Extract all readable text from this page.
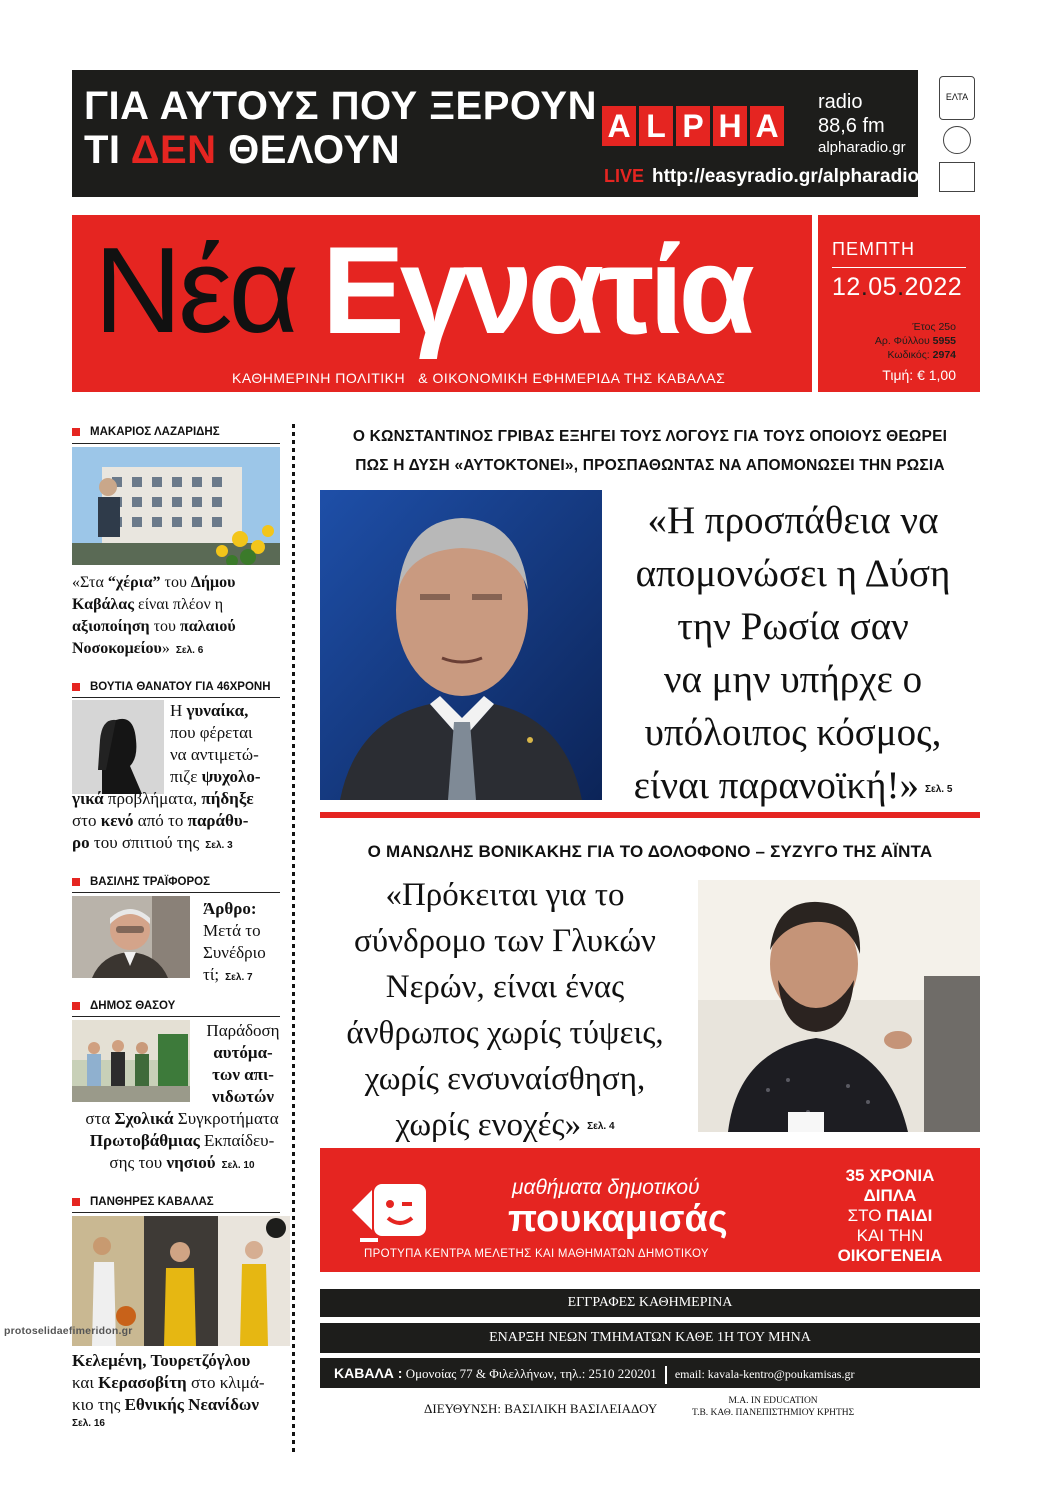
ΓΙΑ ΑΥΤΟΥΣ ΠΟΥ ΞΕΡΟΥΝ
ΤΙ ΔΕΝ ΘΕΛΟΥΝ
A L P H A
radio
88,6 fm
alpharadio.gr
LIVE http://easyradio.gr/alpharadio
ΕΛΤΑ
Νέα Εγνατία
ΚΑΘΗΜΕΡΙΝΗ ΠΟΛΙΤΙΚΗ   & ΟΙΚΟΝΟΜΙΚΗ ΕΦΗΜΕΡΙΔΑ ΤΗΣ ΚΑΒΑΛΑΣ
ΠΕΜΠΤΗ
12.05.2022
Έτος 25ο
Αρ. Φύλλου 5955
Κωδικός: 2974
Τιμή: € 1,00
ΜΑΚΑΡΙΟΣ ΛΑΖΑΡΙΔΗΣ
«Στα “χέρια” του Δήμου
Καβάλας είναι πλέον η
αξιοποίηση του παλαιού
Νοσοκομείου» Σελ. 6
ΒΟΥΤΙΑ ΘΑΝΑΤΟΥ ΓΙΑ 46ΧΡΟΝΗ
Η γυναίκα,
που φέρεται
να αντιμετώ-
πιζε ψυχολο-
γικά προβλήματα, πήδηξε
στο κενό από το παράθυ-
ρο του σπιτιού της Σελ. 3
ΒΑΣΙΛΗΣ ΤΡΑΪΦΟΡΟΣ
Άρθρο:
Μετά το
Συνέδριο
τί; Σελ. 7
ΔΗΜΟΣ ΘΑΣΟΥ
Παράδοση
αυτόμα-
των απι-
νιδωτών
στα Σχολικά Συγκροτήματα
Πρωτοβάθμιας Εκπαίδευ-
σης του νησιού Σελ. 10
ΠΑΝΘΗΡΕΣ ΚΑΒΑΛΑΣ
Κελεμένη, Τουρετζόγλου
και Κερασοβίτη στο κλιμά-
κιο της Εθνικής Νεανίδων
Σελ. 16
Ο ΚΩΝΣΤΑΝΤΙΝΟΣ ΓΡΙΒΑΣ ΕΞΗΓΕΙ ΤΟΥΣ ΛΟΓΟΥΣ ΓΙΑ ΤΟΥΣ ΟΠΟΙΟΥΣ ΘΕΩΡΕΙ
ΠΩΣ Η ΔΥΣΗ «ΑΥΤΟΚΤΟΝΕΙ», ΠΡΟΣΠΑΘΩΝΤΑΣ ΝΑ ΑΠΟΜΟΝΩΣΕΙ ΤΗΝ ΡΩΣΙΑ
«Η προσπάθεια να
απομονώσει η Δύση
την Ρωσία σαν
να μην υπήρχε ο
υπόλοιπος κόσμος,
είναι παρανοϊκή!» Σελ. 5
Ο ΜΑΝΩΛΗΣ ΒΟΝΙΚΑΚΗΣ ΓΙΑ ΤΟ ΔΟΛΟΦΟΝΟ – ΣΥΖΥΓΟ ΤΗΣ ΑΪΝΤΑ
«Πρόκειται για το
σύνδρομο των Γλυκών
Νερών, είναι ένας
άνθρωπος χωρίς τύψεις,
χωρίς ενσυναίσθηση,
χωρίς ενοχές» Σελ. 4
μαθήματα δημοτικού
πουκαμισάς
ΠΡΟΤΥΠΑ ΚΕΝΤΡΑ ΜΕΛΕΤΗΣ ΚΑΙ ΜΑΘΗΜΑΤΩΝ ΔΗΜΟΤΙΚΟΥ
35 ΧΡΟΝΙΑ
ΔΙΠΛΑ
ΣΤΟ ΠΑΙΔΙ
ΚΑΙ ΤΗΝ
ΟΙΚΟΓΕΝΕΙΑ
ΕΓΓΡΑΦΕΣ ΚΑΘΗΜΕΡΙΝΑ
ΕΝΑΡΞΗ ΝΕΩΝ ΤΜΗΜΑΤΩΝ ΚΑΘΕ 1Η ΤΟΥ ΜΗΝΑ
ΚΑΒΑΛΑ : Ομονοίας 77 & Φιλελλήνων, τηλ.: 2510 220201 email: kavala-kentro@poukamisas.gr
ΔΙΕΥΘΥΝΣΗ: ΒΑΣΙΛΙΚΗ ΒΑΣΙΛΕΙΑΔΟΥ	M.A. IN EDUCATION
Τ.Β. ΚΑΘ. ΠΑΝΕΠΙΣΤΗΜΙΟΥ ΚΡΗΤΗΣ
protoselidaefimeridon.gr
